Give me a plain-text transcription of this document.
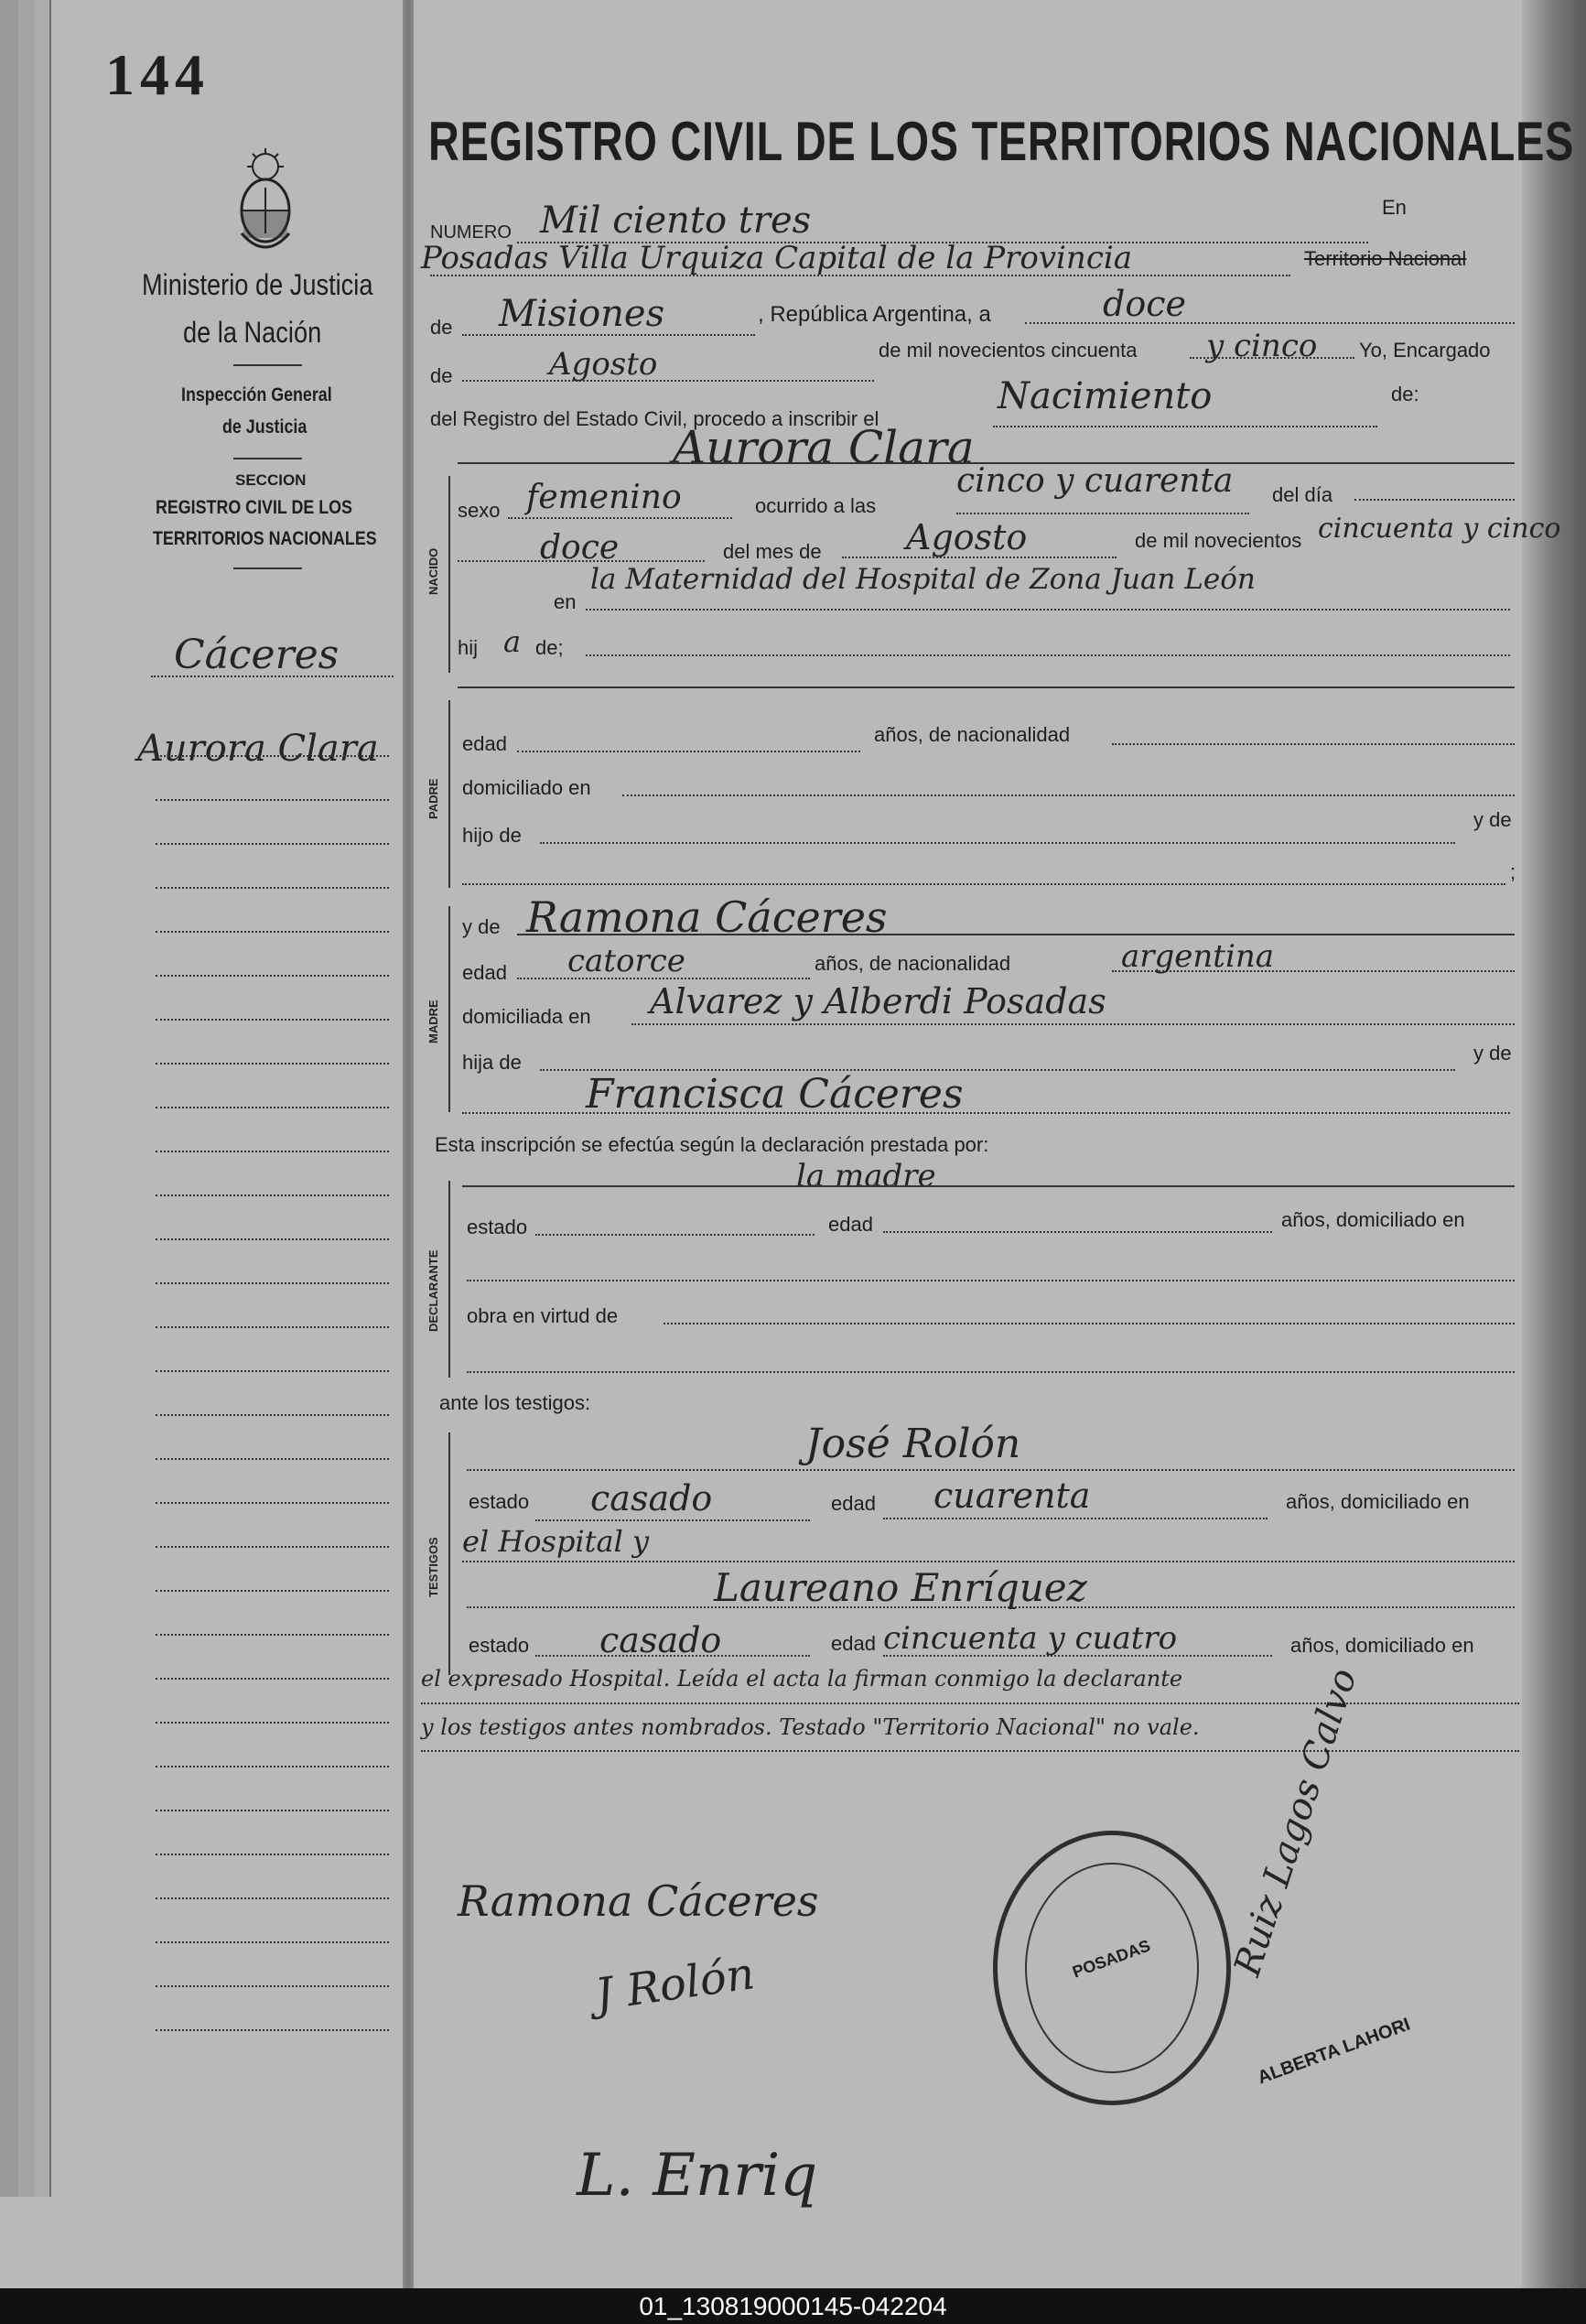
144
Ministerio de Justicia
de la Nación
Inspección General
de Justicia
SECCION
REGISTRO CIVIL DE LOS
TERRITORIOS NACIONALES
Cáceres
Aurora Clara
REGISTRO CIVIL DE LOS TERRITORIOS NACIONALES
NUMERO Mil ciento tres	En
Posadas Villa Urquiza Capital de la Provincia	Territorio Nacional
de Misiones	, República Argentina, a	doce
de	Agosto	de mil novecientos cincuenta y cinco Yo, Encargado
del Registro del Estado Civil, procedo a inscribir el
Nacimiento	de:
Aurora Clara
NACIDO
sexo femenino	ocurrido a las
cinco y cuarenta del día
doce	del mes de Agosto	de mil novecientos cincuenta y cinco
en
la Maternidad del Hospital de Zona Juan León
hij a de;
PADRE
edad	años, de nacionalidad
domiciliado en
hijo de
y de
;
MADRE
y de Ramona Cáceres
edad catorce	años, de nacionalidad	argentina
domiciliada en Alvarez y Alberdi Posadas
hija de	y de
Francisca Cáceres
Esta inscripción se efectúa según la declaración prestada por:
la madre
DECLARANTE
estado	edad	años, domiciliado en
obra en virtud de
ante los testigos:
TESTIGOS
José Rolón
estado casado	edad cuarenta	años, domiciliado en
el Hospital y
Laureano Enríquez
estado casado	edad cincuenta y cuatro	años, domiciliado en
el expresado Hospital. Leída el acta la firman conmigo la declarante
y los testigos antes nombrados. Testado "Territorio Nacional" no vale.
Ramona Cáceres
J Rolón
L. Enriq
Ruiz Lagos Calvo
POSADAS
ALBERTA LAHORI
01_130819000145-042204
